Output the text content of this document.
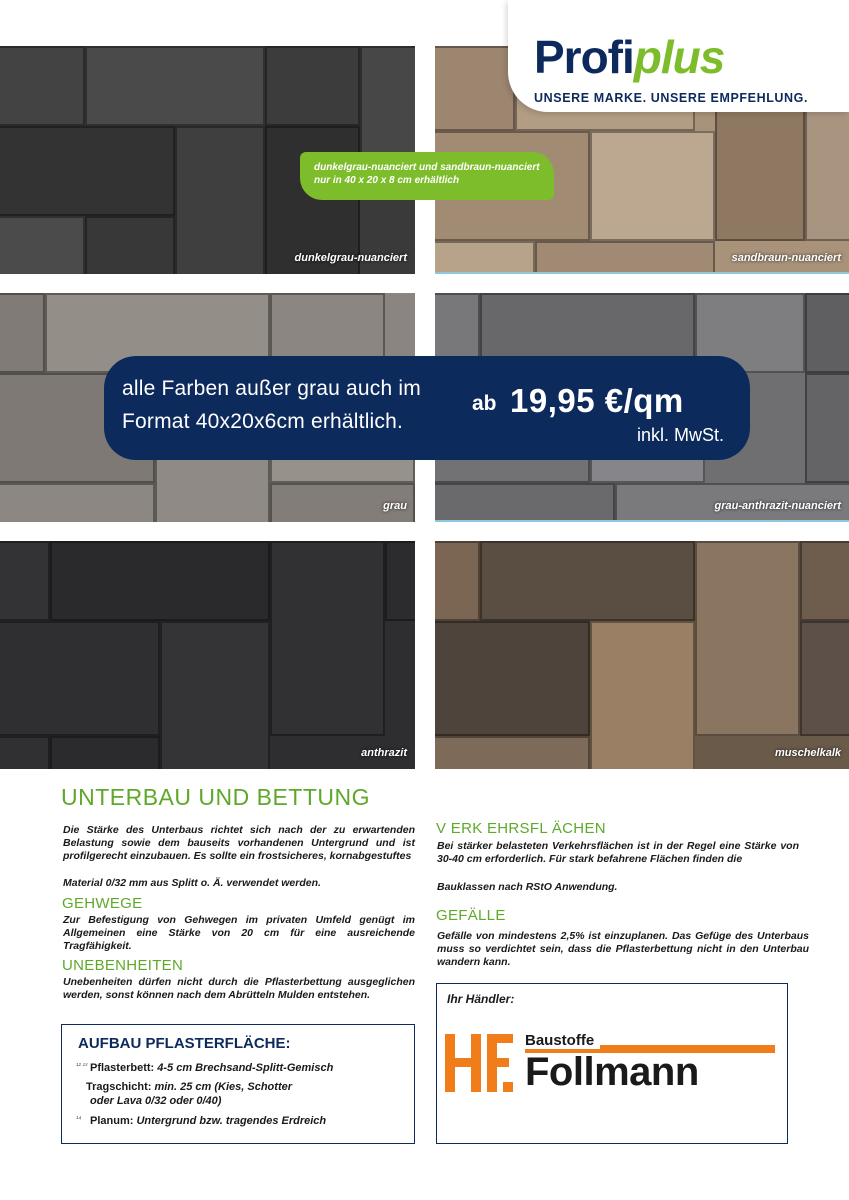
dunkelgrau-nuanciert	sandbraun-nuanciert
grau	grau-anthrazit-nuanciert
anthrazit	muschelkalk
Profiplus
UNSERE MARKE. UNSERE EMPFEHLUNG.
dunkelgrau-nuanciert und sandbraun-nuanciert nur in 40 x 20 x 8 cm erhältlich
alle Farben außer grau auch im
Format 40x20x6cm erhältlich.
ab 19,95 €/qm
inkl. MwSt.
UNTERBAU UND BETTUNG
Die Stärke des Unterbaus richtet sich nach der zu erwartenden Belastung sowie dem bauseits vorhandenen Untergrund und ist profilgerecht einzubauen. Es sollte ein frostsicheres, kornabgestuftes
Material 0/32 mm aus Splitt o. Ä. verwendet werden.
GEHWEGE
Zur Befestigung von Gehwegen im privaten Umfeld genügt im Allgemeinen eine Stärke von 20 cm für eine ausreichende Tragfähigkeit.
UNEBENHEITEN
Unebenheiten dürfen nicht durch die Pflasterbettung ausgeglichen werden, sonst können nach dem Abrütteln Mulden entstehen.
V ERK EHRSFL ÄCHEN
Bei stärker belasteten Verkehrsflächen ist in der Regel eine Stärke von 30-40 cm erforderlich. Für stark befahrene Flächen finden die
Bauklassen nach RStO Anwendung.
GEFÄLLE
Gefälle von mindestens 2,5% ist einzuplanen. Das Gefüge des Unterbaus muss so verdichtet sein, dass die Pflasterbettung nicht in den Unterbau wandern kann.
AUFBAU PFLASTERFLÄCHE:
¹² ¹³ Pflasterbett: 4-5 cm Brechsand-Splitt-Gemisch
Tragschicht: min. 25 cm (Kies, Schotter
oder Lava 0/32 oder 0/40)
¹⁴ Planum: Untergrund bzw. tragendes Erdreich
Ihr Händler:
Baustoffe
Follmann
